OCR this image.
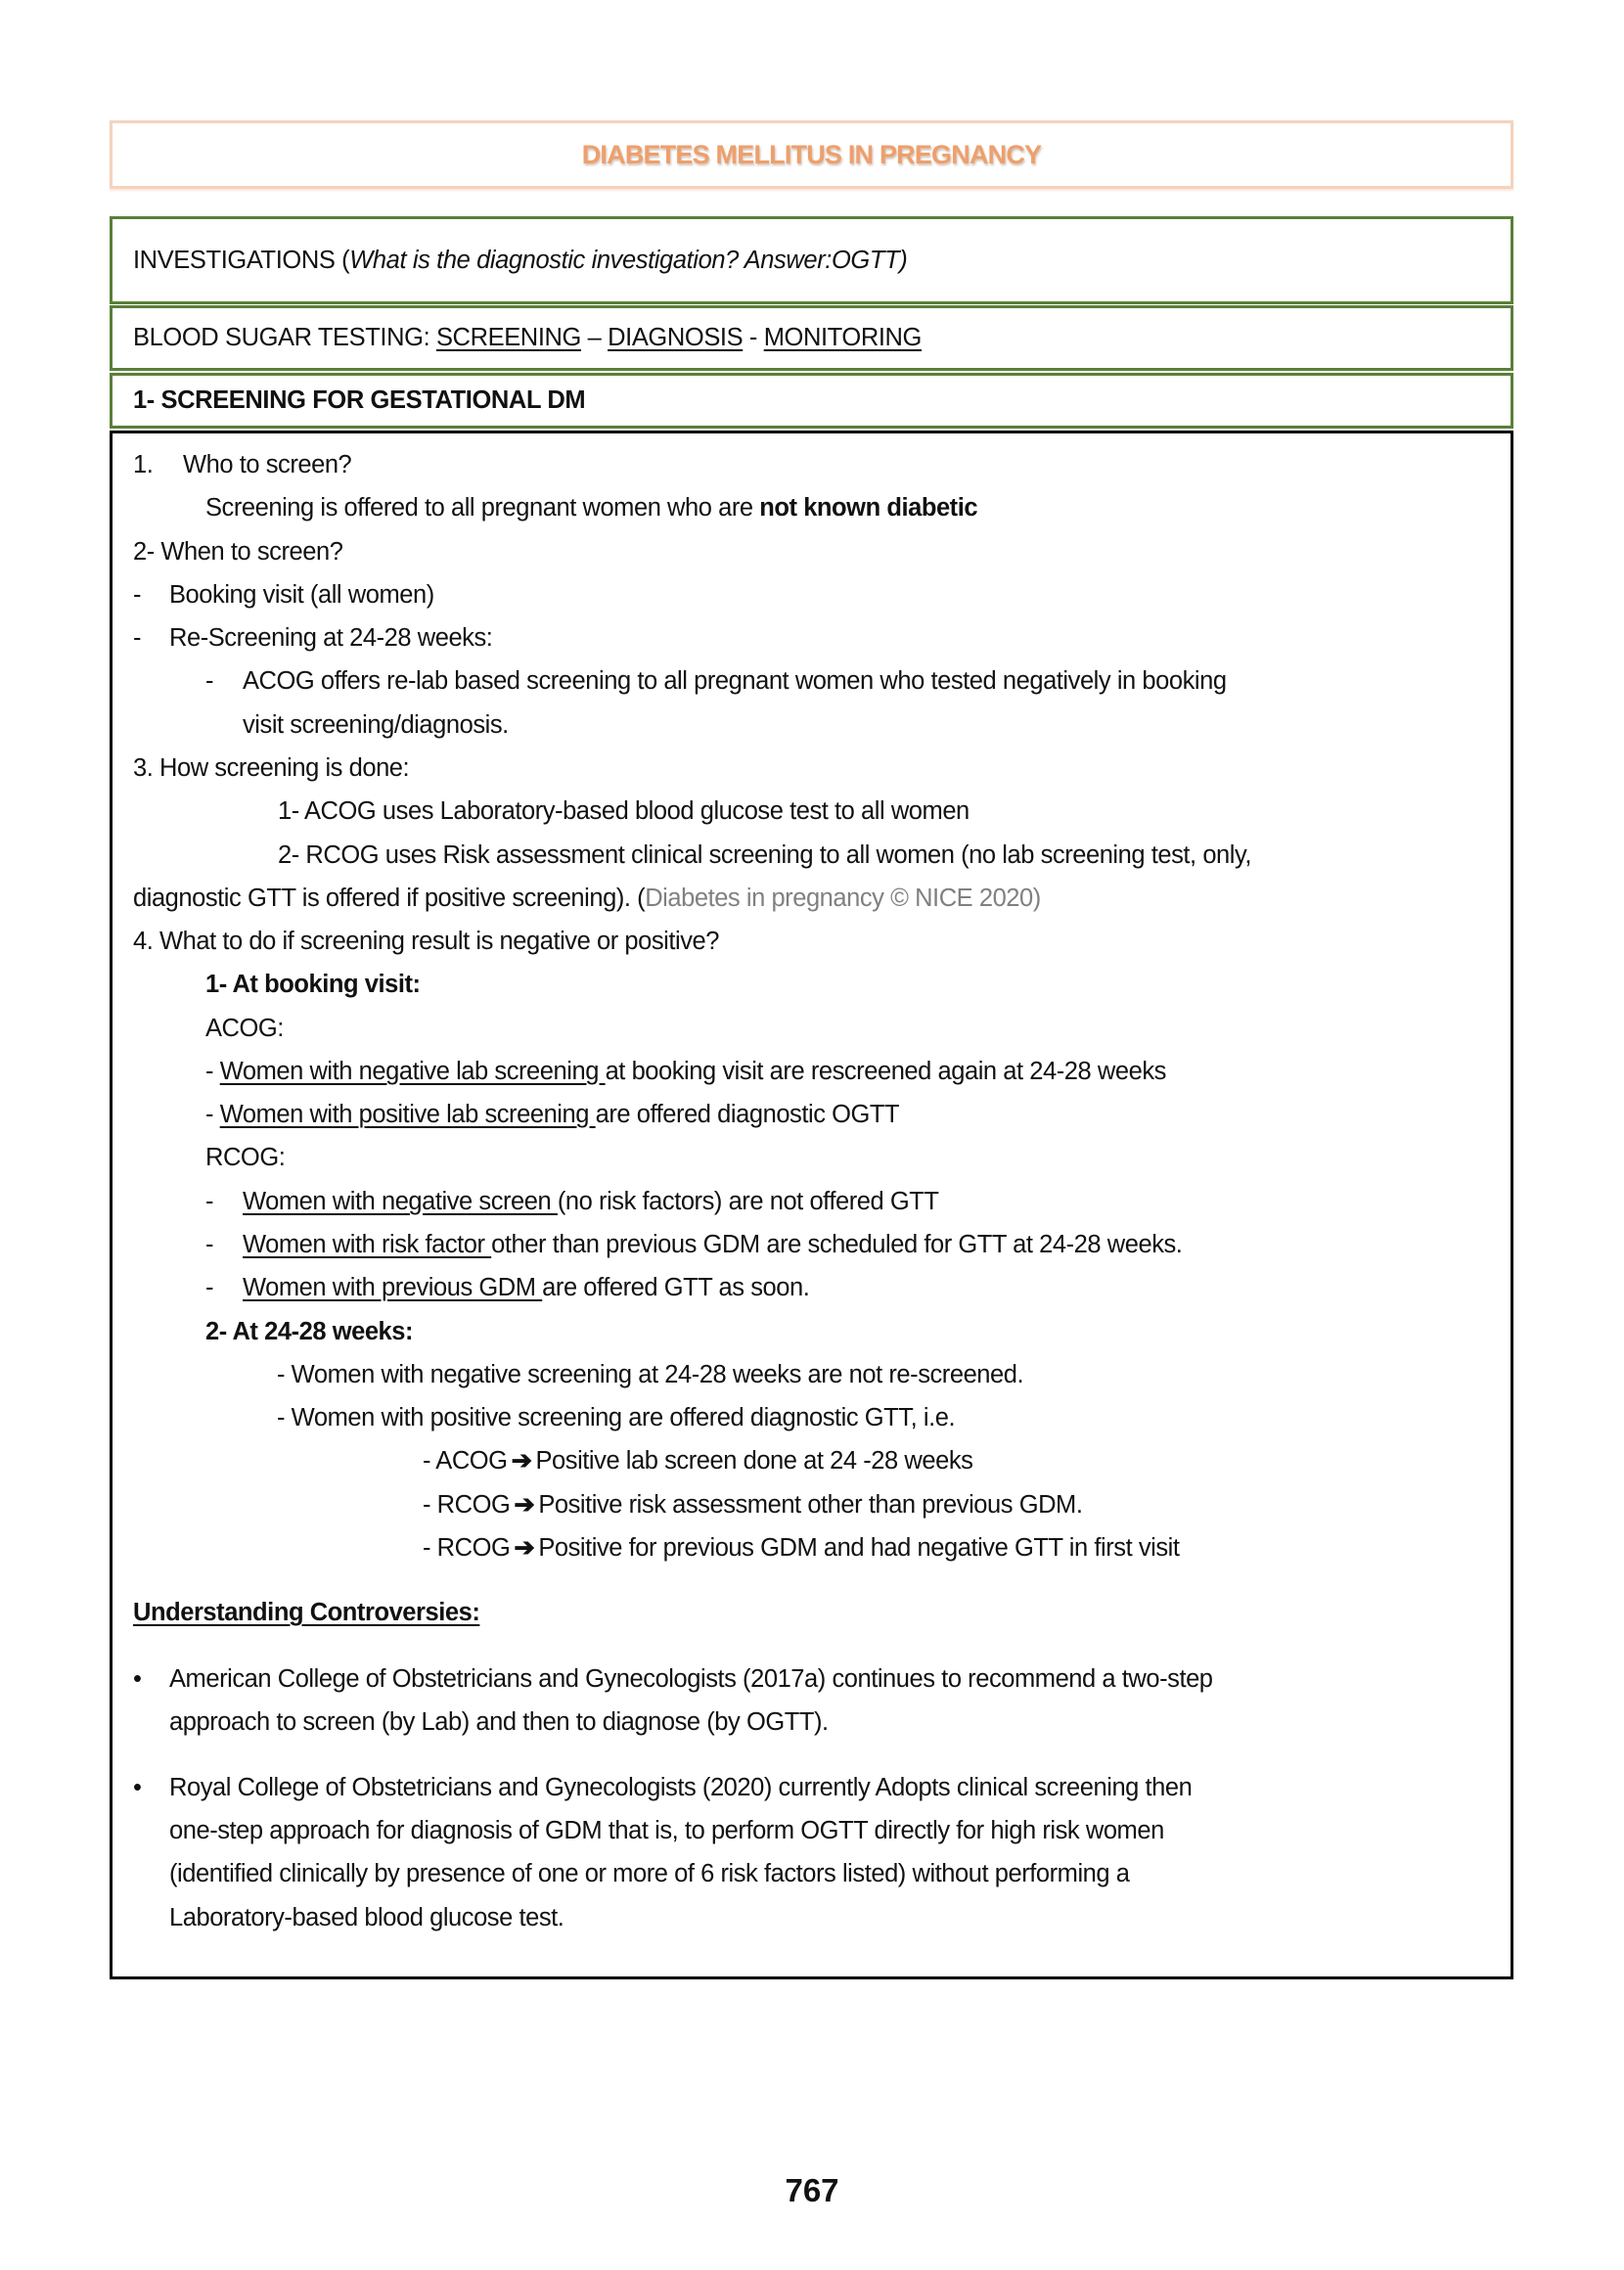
DIABETES MELLITUS IN PREGNANCY
INVESTIGATIONS ( What is the diagnostic investigation? Answer:OGTT)
BLOOD SUGAR TESTING: SCREENING – DIAGNOSIS - MONITORING
1- SCREENING FOR GESTATIONAL DM
1. Who to screen?
Screening is offered to all pregnant women who are not known diabetic
2- When to screen?
- Booking visit (all women)
- Re-Screening at 24-28 weeks:
- ACOG offers re-lab based screening to all pregnant women who tested negatively in booking
visit screening/diagnosis.
3. How screening is done:
1- ACOG uses Laboratory-based blood glucose test to all women
2- RCOG uses Risk assessment clinical screening to all women (no lab screening test, only,
diagnostic GTT is offered if positive screening). (Diabetes in pregnancy © NICE 2020)
4. What to do if screening result is negative or positive?
1- At booking visit:
ACOG:
- Women with negative lab screening at booking visit are rescreened again at 24-28 weeks
- Women with positive lab screening are offered diagnostic OGTT
RCOG:
- Women with negative screen (no risk factors) are not offered GTT
- Women with risk factor other than previous GDM are scheduled for GTT at 24-28 weeks.
- Women with previous GDM are offered GTT as soon.
2- At 24-28 weeks:
- Women with negative screening at 24-28 weeks are not re-screened.
- Women with positive screening are offered diagnostic GTT, i.e.
- ACOG ➔ Positive lab screen done at 24 -28 weeks
- RCOG ➔ Positive risk assessment other than previous GDM.
- RCOG ➔ Positive for previous GDM and had negative GTT in first visit
Understanding Controversies:
• American College of Obstetricians and Gynecologists (2017a) continues to recommend a two-step
approach to screen (by Lab) and then to diagnose (by OGTT).
• Royal College of Obstetricians and Gynecologists (2020) currently Adopts clinical screening then
one-step approach for diagnosis of GDM that is, to perform OGTT directly for high risk women
(identified clinically by presence of one or more of 6 risk factors listed) without performing a
Laboratory-based blood glucose test.
767
